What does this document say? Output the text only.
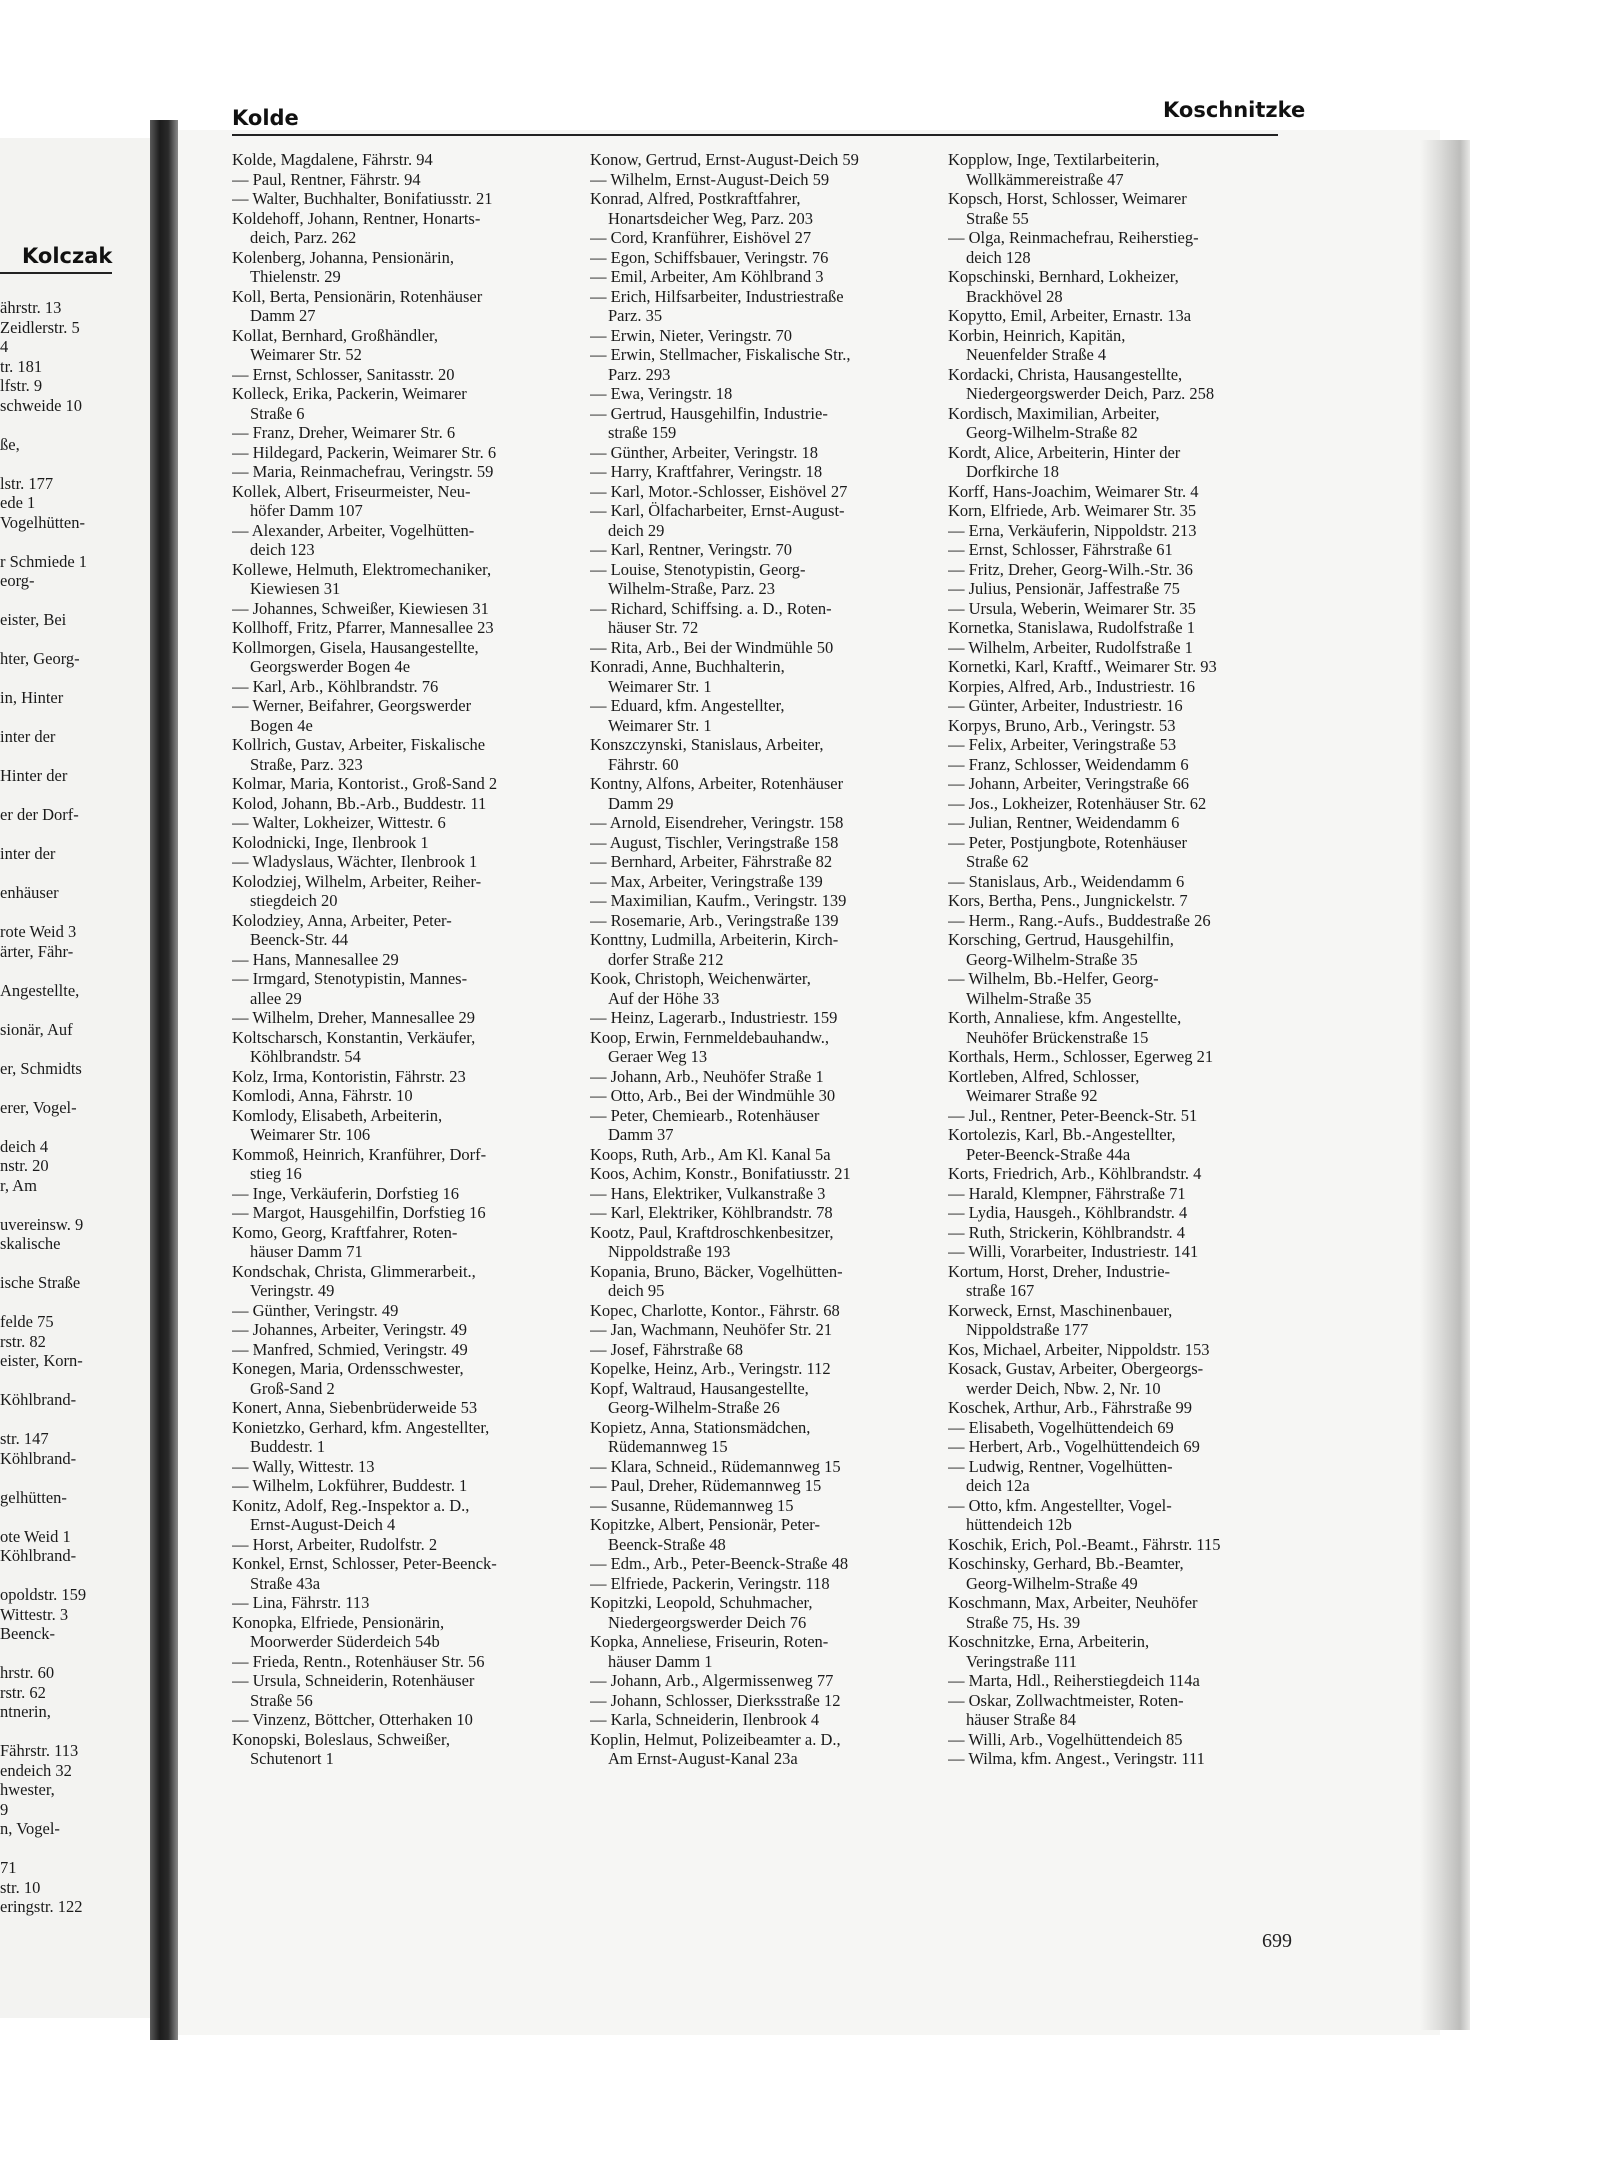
Kolczak
ährstr. 13
Zeidlerstr. 5
4
tr. 181
lfstr. 9
schweide 10
ße,
lstr. 177
ede 1
Vogelhütten-
r Schmiede 1
eorg-
eister, Bei
hter, Georg-
in, Hinter
inter der
Hinter der
er der Dorf-
inter der
enhäuser
rote Weid 3
ärter, Fähr-
Angestellte,
sionär, Auf
er, Schmidts
erer, Vogel-
deich 4
nstr. 20
r, Am
uvereinsw. 9
skalische
ische Straße
felde 75
rstr. 82
eister, Korn-
Köhlbrand-
str. 147
Köhlbrand-
gelhütten-
ote Weid 1
Köhlbrand-
opoldstr. 159
Wittestr. 3
Beenck-
hrstr. 60
rstr. 62
ntnerin,
Fährstr. 113
endeich 32
hwester,
9
n, Vogel-
71
str. 10
eringstr. 122
Kolde	Koschnitzke
Kolde, Magdalene, Fährstr. 94
— Paul, Rentner, Fährstr. 94
— Walter, Buchhalter, Bonifatiusstr. 21
Koldehoff, Johann, Rentner, Honarts-
deich, Parz. 262
Kolenberg, Johanna, Pensionärin,
Thielenstr. 29
Koll, Berta, Pensionärin, Rotenhäuser
Damm 27
Kollat, Bernhard, Großhändler,
Weimarer Str. 52
— Ernst, Schlosser, Sanitasstr. 20
Kolleck, Erika, Packerin, Weimarer
Straße 6
— Franz, Dreher, Weimarer Str. 6
— Hildegard, Packerin, Weimarer Str. 6
— Maria, Reinmachefrau, Veringstr. 59
Kollek, Albert, Friseurmeister, Neu-
höfer Damm 107
— Alexander, Arbeiter, Vogelhütten-
deich 123
Kollewe, Helmuth, Elektromechaniker,
Kiewiesen 31
— Johannes, Schweißer, Kiewiesen 31
Kollhoff, Fritz, Pfarrer, Mannesallee 23
Kollmorgen, Gisela, Hausangestellte,
Georgswerder Bogen 4e
— Karl, Arb., Köhlbrandstr. 76
— Werner, Beifahrer, Georgswerder
Bogen 4e
Kollrich, Gustav, Arbeiter, Fiskalische
Straße, Parz. 323
Kolmar, Maria, Kontorist., Groß-Sand 2
Kolod, Johann, Bb.-Arb., Buddestr. 11
— Walter, Lokheizer, Wittestr. 6
Kolodnicki, Inge, Ilenbrook 1
— Wladyslaus, Wächter, Ilenbrook 1
Kolodziej, Wilhelm, Arbeiter, Reiher-
stiegdeich 20
Kolodziey, Anna, Arbeiter, Peter-
Beenck-Str. 44
— Hans, Mannesallee 29
— Irmgard, Stenotypistin, Mannes-
allee 29
— Wilhelm, Dreher, Mannesallee 29
Koltscharsch, Konstantin, Verkäufer,
Köhlbrandstr. 54
Kolz, Irma, Kontoristin, Fährstr. 23
Komlodi, Anna, Fährstr. 10
Komlody, Elisabeth, Arbeiterin,
Weimarer Str. 106
Kommoß, Heinrich, Kranführer, Dorf-
stieg 16
— Inge, Verkäuferin, Dorfstieg 16
— Margot, Hausgehilfin, Dorfstieg 16
Komo, Georg, Kraftfahrer, Roten-
häuser Damm 71
Kondschak, Christa, Glimmerarbeit.,
Veringstr. 49
— Günther, Veringstr. 49
— Johannes, Arbeiter, Veringstr. 49
— Manfred, Schmied, Veringstr. 49
Konegen, Maria, Ordensschwester,
Groß-Sand 2
Konert, Anna, Siebenbrüderweide 53
Konietzko, Gerhard, kfm. Angestellter,
Buddestr. 1
— Wally, Wittestr. 13
— Wilhelm, Lokführer, Buddestr. 1
Konitz, Adolf, Reg.-Inspektor a. D.,
Ernst-August-Deich 4
— Horst, Arbeiter, Rudolfstr. 2
Konkel, Ernst, Schlosser, Peter-Beenck-
Straße 43a
— Lina, Fährstr. 113
Konopka, Elfriede, Pensionärin,
Moorwerder Süderdeich 54b
— Frieda, Rentn., Rotenhäuser Str. 56
— Ursula, Schneiderin, Rotenhäuser
Straße 56
— Vinzenz, Böttcher, Otterhaken 10
Konopski, Boleslaus, Schweißer,
Schutenort 1
Konow, Gertrud, Ernst-August-Deich 59
— Wilhelm, Ernst-August-Deich 59
Konrad, Alfred, Postkraftfahrer,
Honartsdeicher Weg, Parz. 203
— Cord, Kranführer, Eishövel 27
— Egon, Schiffsbauer, Veringstr. 76
— Emil, Arbeiter, Am Köhlbrand 3
— Erich, Hilfsarbeiter, Industriestraße
Parz. 35
— Erwin, Nieter, Veringstr. 70
— Erwin, Stellmacher, Fiskalische Str.,
Parz. 293
— Ewa, Veringstr. 18
— Gertrud, Hausgehilfin, Industrie-
straße 159
— Günther, Arbeiter, Veringstr. 18
— Harry, Kraftfahrer, Veringstr. 18
— Karl, Motor.-Schlosser, Eishövel 27
— Karl, Ölfacharbeiter, Ernst-August-
deich 29
— Karl, Rentner, Veringstr. 70
— Louise, Stenotypistin, Georg-
Wilhelm-Straße, Parz. 23
— Richard, Schiffsing. a. D., Roten-
häuser Str. 72
— Rita, Arb., Bei der Windmühle 50
Konradi, Anne, Buchhalterin,
Weimarer Str. 1
— Eduard, kfm. Angestellter,
Weimarer Str. 1
Konszczynski, Stanislaus, Arbeiter,
Fährstr. 60
Kontny, Alfons, Arbeiter, Rotenhäuser
Damm 29
— Arnold, Eisendreher, Veringstr. 158
— August, Tischler, Veringstraße 158
— Bernhard, Arbeiter, Fährstraße 82
— Max, Arbeiter, Veringstraße 139
— Maximilian, Kaufm., Veringstr. 139
— Rosemarie, Arb., Veringstraße 139
Konttny, Ludmilla, Arbeiterin, Kirch-
dorfer Straße 212
Kook, Christoph, Weichenwärter,
Auf der Höhe 33
— Heinz, Lagerarb., Industriestr. 159
Koop, Erwin, Fernmeldebauhandw.,
Geraer Weg 13
— Johann, Arb., Neuhöfer Straße 1
— Otto, Arb., Bei der Windmühle 30
— Peter, Chemiearb., Rotenhäuser
Damm 37
Koops, Ruth, Arb., Am Kl. Kanal 5a
Koos, Achim, Konstr., Bonifatiusstr. 21
— Hans, Elektriker, Vulkanstraße 3
— Karl, Elektriker, Köhlbrandstr. 78
Kootz, Paul, Kraftdroschkenbesitzer,
Nippoldstraße 193
Kopania, Bruno, Bäcker, Vogelhütten-
deich 95
Kopec, Charlotte, Kontor., Fährstr. 68
— Jan, Wachmann, Neuhöfer Str. 21
— Josef, Fährstraße 68
Kopelke, Heinz, Arb., Veringstr. 112
Kopf, Waltraud, Hausangestellte,
Georg-Wilhelm-Straße 26
Kopietz, Anna, Stationsmädchen,
Rüdemannweg 15
— Klara, Schneid., Rüdemannweg 15
— Paul, Dreher, Rüdemannweg 15
— Susanne, Rüdemannweg 15
Kopitzke, Albert, Pensionär, Peter-
Beenck-Straße 48
— Edm., Arb., Peter-Beenck-Straße 48
— Elfriede, Packerin, Veringstr. 118
Kopitzki, Leopold, Schuhmacher,
Niedergeorgswerder Deich 76
Kopka, Anneliese, Friseurin, Roten-
häuser Damm 1
— Johann, Arb., Algermissenweg 77
— Johann, Schlosser, Dierksstraße 12
— Karla, Schneiderin, Ilenbrook 4
Koplin, Helmut, Polizeibeamter a. D.,
Am Ernst-August-Kanal 23a
Kopplow, Inge, Textilarbeiterin,
Wollkämmereistraße 47
Kopsch, Horst, Schlosser, Weimarer
Straße 55
— Olga, Reinmachefrau, Reiherstieg-
deich 128
Kopschinski, Bernhard, Lokheizer,
Brackhövel 28
Kopytto, Emil, Arbeiter, Ernastr. 13a
Korbin, Heinrich, Kapitän,
Neuenfelder Straße 4
Kordacki, Christa, Hausangestellte,
Niedergeorgswerder Deich, Parz. 258
Kordisch, Maximilian, Arbeiter,
Georg-Wilhelm-Straße 82
Kordt, Alice, Arbeiterin, Hinter der
Dorfkirche 18
Korff, Hans-Joachim, Weimarer Str. 4
Korn, Elfriede, Arb. Weimarer Str. 35
— Erna, Verkäuferin, Nippoldstr. 213
— Ernst, Schlosser, Fährstraße 61
— Fritz, Dreher, Georg-Wilh.-Str. 36
— Julius, Pensionär, Jaffestraße 75
— Ursula, Weberin, Weimarer Str. 35
Kornetka, Stanislawa, Rudolfstraße 1
— Wilhelm, Arbeiter, Rudolfstraße 1
Kornetki, Karl, Kraftf., Weimarer Str. 93
Korpies, Alfred, Arb., Industriestr. 16
— Günter, Arbeiter, Industriestr. 16
Korpys, Bruno, Arb., Veringstr. 53
— Felix, Arbeiter, Veringstraße 53
— Franz, Schlosser, Weidendamm 6
— Johann, Arbeiter, Veringstraße 66
— Jos., Lokheizer, Rotenhäuser Str. 62
— Julian, Rentner, Weidendamm 6
— Peter, Postjungbote, Rotenhäuser
Straße 62
— Stanislaus, Arb., Weidendamm 6
Kors, Bertha, Pens., Jungnickelstr. 7
— Herm., Rang.-Aufs., Buddestraße 26
Korsching, Gertrud, Hausgehilfin,
Georg-Wilhelm-Straße 35
— Wilhelm, Bb.-Helfer, Georg-
Wilhelm-Straße 35
Korth, Annaliese, kfm. Angestellte,
Neuhöfer Brückenstraße 15
Korthals, Herm., Schlosser, Egerweg 21
Kortleben, Alfred, Schlosser,
Weimarer Straße 92
— Jul., Rentner, Peter-Beenck-Str. 51
Kortolezis, Karl, Bb.-Angestellter,
Peter-Beenck-Straße 44a
Korts, Friedrich, Arb., Köhlbrandstr. 4
— Harald, Klempner, Fährstraße 71
— Lydia, Hausgeh., Köhlbrandstr. 4
— Ruth, Strickerin, Köhlbrandstr. 4
— Willi, Vorarbeiter, Industriestr. 141
Kortum, Horst, Dreher, Industrie-
straße 167
Korweck, Ernst, Maschinenbauer,
Nippoldstraße 177
Kos, Michael, Arbeiter, Nippoldstr. 153
Kosack, Gustav, Arbeiter, Obergeorgs-
werder Deich, Nbw. 2, Nr. 10
Koschek, Arthur, Arb., Fährstraße 99
— Elisabeth, Vogelhüttendeich 69
— Herbert, Arb., Vogelhüttendeich 69
— Ludwig, Rentner, Vogelhütten-
deich 12a
— Otto, kfm. Angestellter, Vogel-
hüttendeich 12b
Koschik, Erich, Pol.-Beamt., Fährstr. 115
Koschinsky, Gerhard, Bb.-Beamter,
Georg-Wilhelm-Straße 49
Koschmann, Max, Arbeiter, Neuhöfer
Straße 75, Hs. 39
Koschnitzke, Erna, Arbeiterin,
Veringstraße 111
— Marta, Hdl., Reiherstiegdeich 114a
— Oskar, Zollwachtmeister, Roten-
häuser Straße 84
— Willi, Arb., Vogelhüttendeich 85
— Wilma, kfm. Angest., Veringstr. 111
699
